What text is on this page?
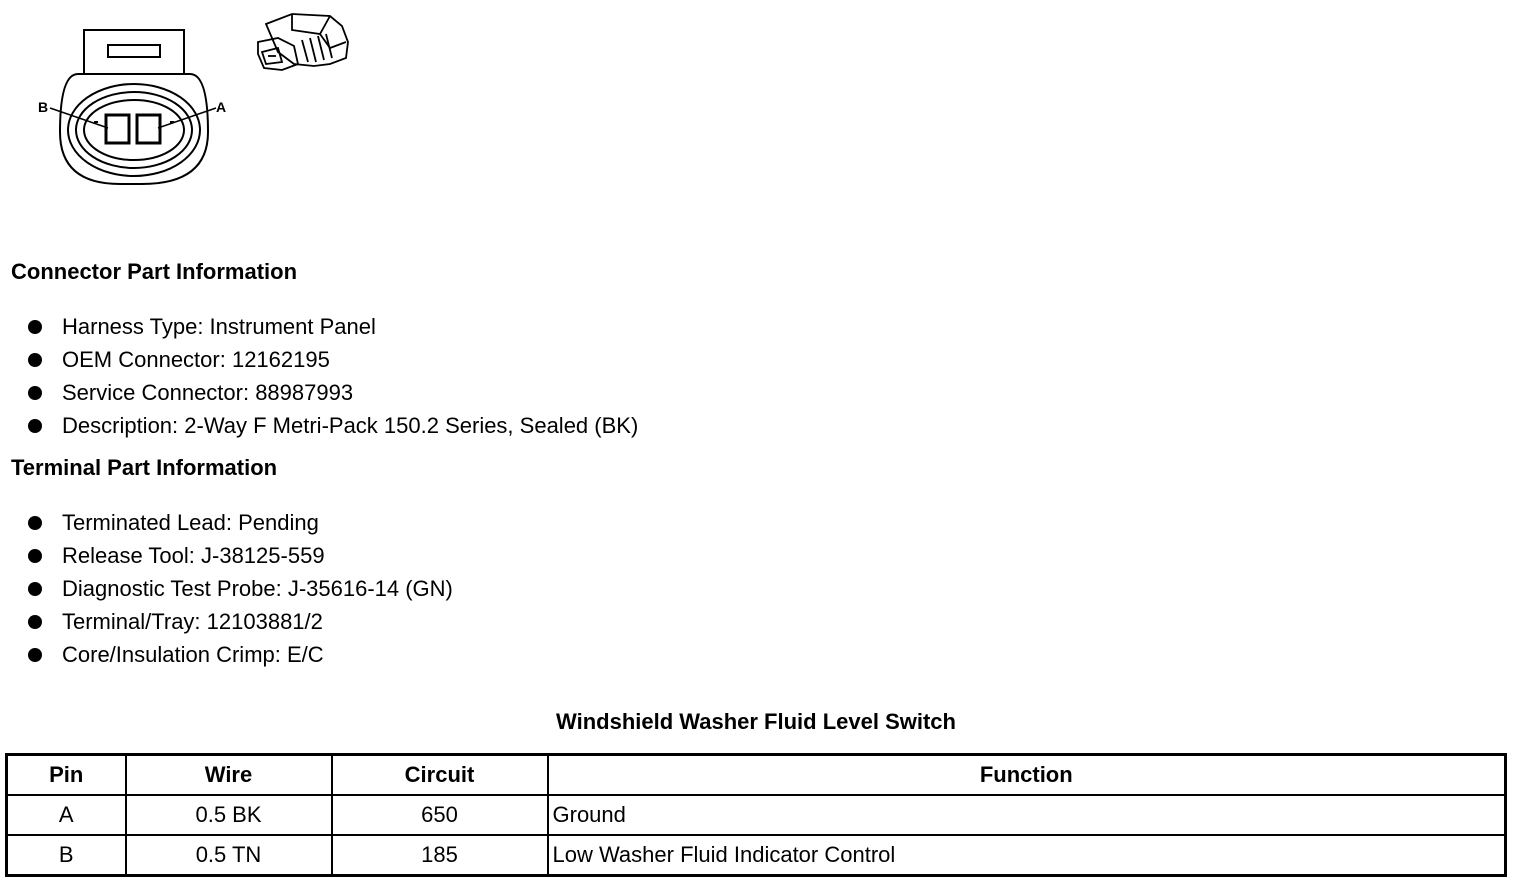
B	A
Connector Part Information
Harness Type: Instrument Panel
OEM Connector: 12162195
Service Connector: 88987993
Description: 2-Way F Metri-Pack 150.2 Series, Sealed (BK)
Terminal Part Information
Terminated Lead: Pending
Release Tool: J-38125-559
Diagnostic Test Probe: J-35616-14 (GN)
Terminal/Tray: 12103881/2
Core/Insulation Crimp: E/C
Windshield Washer Fluid Level Switch
Pin	Wire	Circuit	Function
A	0.5 BK	650	Ground
B	0.5 TN	185	Low Washer Fluid Indicator Control
